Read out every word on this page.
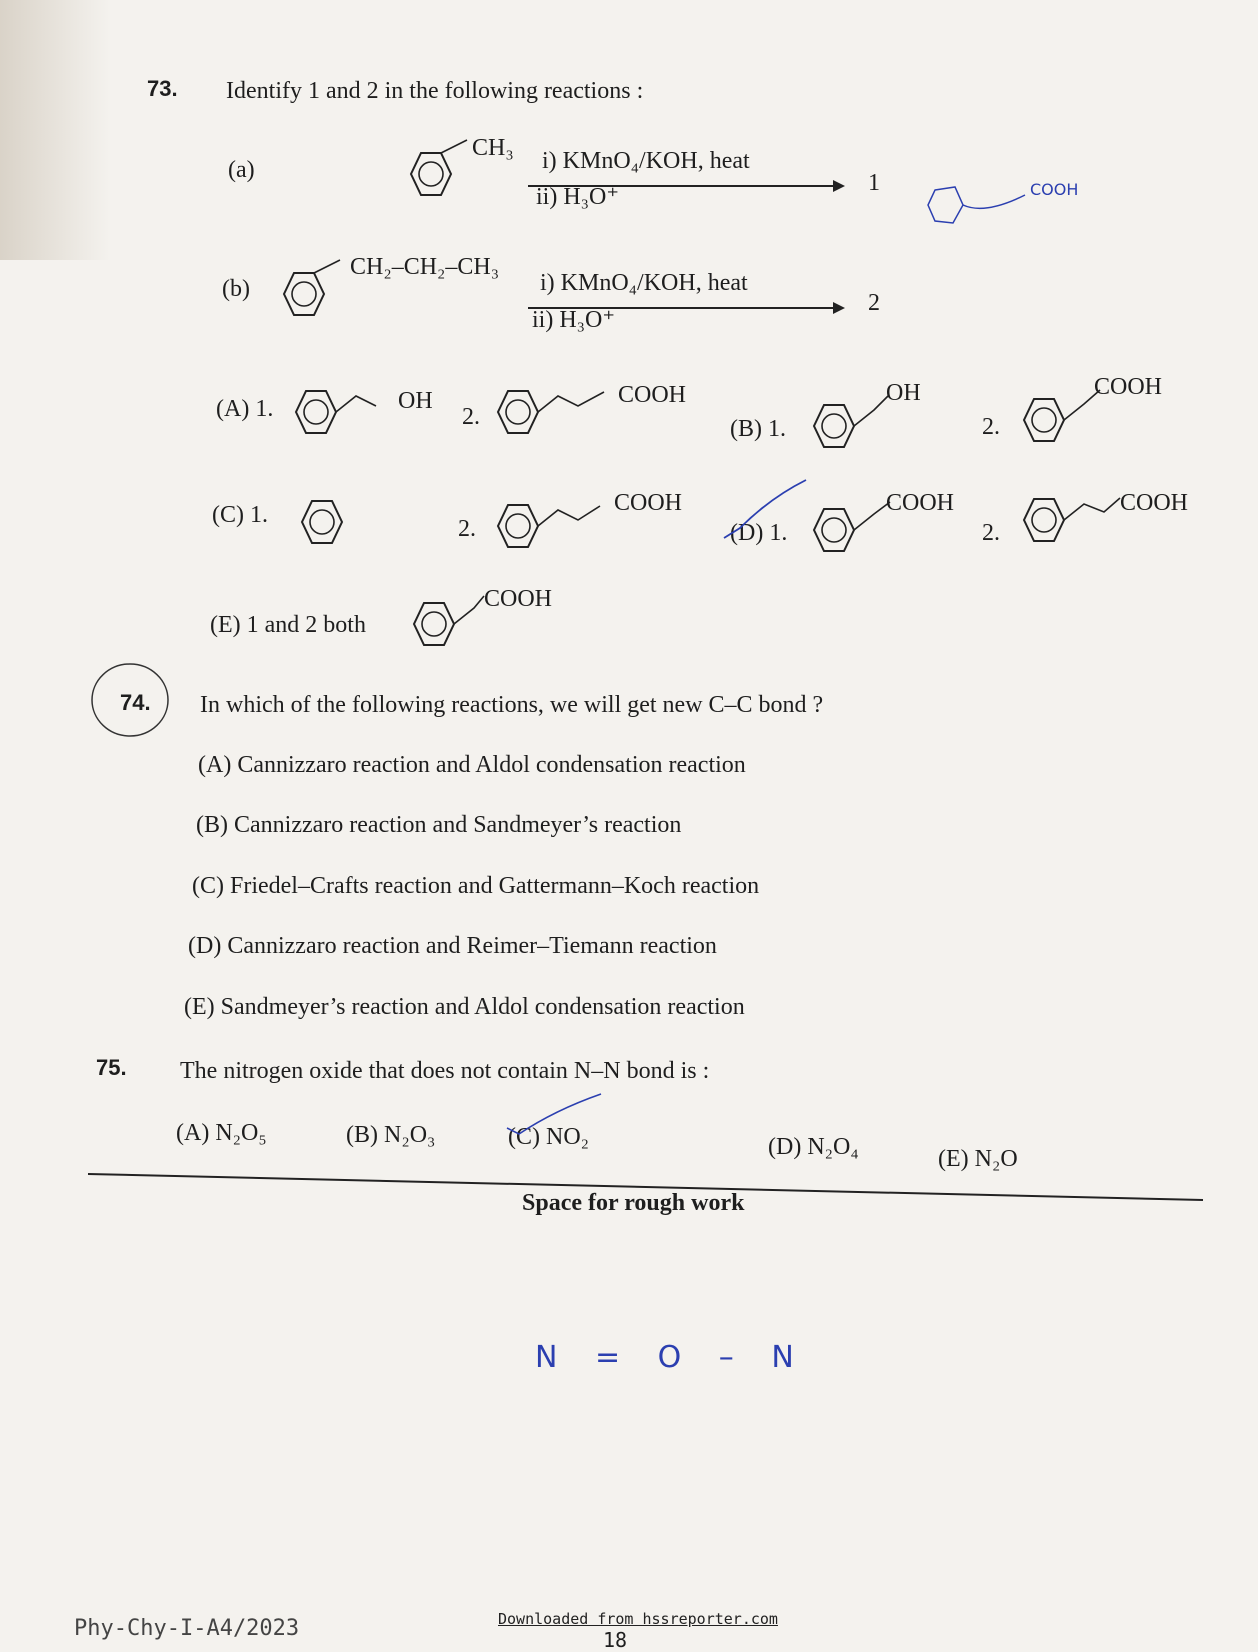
73. Identify 1 and 2 in the following reactions :
(a)
CH₃ i) KMnO₄/KOH, heat
ii) H₃O⁺
1	COOH
(b)
CH₂–CH₂–CH₃
i) KMnO₄/KOH, heat
ii) H₃O⁺
2
(A) 1.	OH
2.
COOH
(B) 1.
OH
2.
COOH
(C) 1.
2.
COOH
(D) 1.
COOH
2.
COOH
(E) 1 and 2 both
COOH
74. In which of the following reactions, we will get new C–C bond ?
(A) Cannizzaro reaction and Aldol condensation reaction
(B) Cannizzaro reaction and Sandmeyer’s reaction
(C) Friedel–Crafts reaction and Gattermann–Koch reaction
(D) Cannizzaro reaction and Reimer–Tiemann reaction
(E) Sandmeyer’s reaction and Aldol condensation reaction
75. The nitrogen oxide that does not contain N–N bond is :
(A) N₂O₅	(B) N₂O₃	(C) NO₂	(D) N₂O₄	(E) N₂O
Space for rough work
N = O – N
Phy-Chy-I-A4/2023	Downloaded from hssreporter.com
18
